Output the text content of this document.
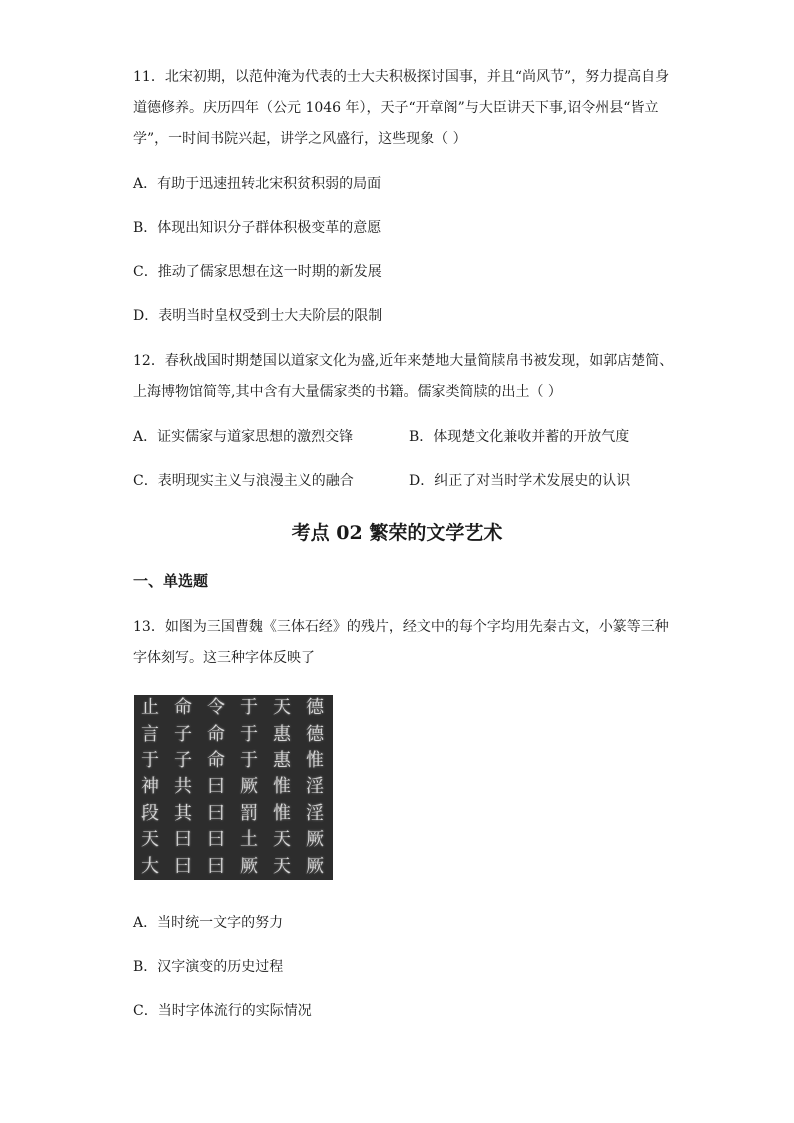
11．北宋初期，以范仲淹为代表的士大夫积极探讨国事，并且“尚风节”，努力提高自身
道德修养。庆历四年（公元 1046 年），天子“开章阁”与大臣讲天下事,诏令州县“皆立
学”，一时间书院兴起，讲学之风盛行，这些现象（ ）
A．有助于迅速扭转北宋积贫积弱的局面
B．体现出知识分子群体积极变革的意愿
C．推动了儒家思想在这一时期的新发展
D．表明当时皇权受到士大夫阶层的限制
12．春秋战国时期楚国以道家文化为盛,近年来楚地大量简牍帛书被发现，如郭店楚简、
上海博物馆简等,其中含有大量儒家类的书籍。儒家类简牍的出土（ ）
A．证实儒家与道家思想的激烈交锋	B．体现楚文化兼收并蓄的开放气度
C．表明现实主义与浪漫主义的融合	D．纠正了对当时学术发展史的认识
考点 02 繁荣的文学艺术
一、单选题
13．如图为三国曹魏《三体石经》的残片，经文中的每个字均用先秦古文，小篆等三种
字体刻写。这三种字体反映了
止
言
于
神
段
天
大
命
子
子
共
其
曰
曰
令
命
命
曰
曰
曰
曰
于
于
于
厥
罰
土
厥
天
惠
惠
惟
惟
天
天
德
德
惟
淫
淫
厥
厥
A．当时统一文字的努力
B．汉字演变的历史过程
C．当时字体流行的实际情况
